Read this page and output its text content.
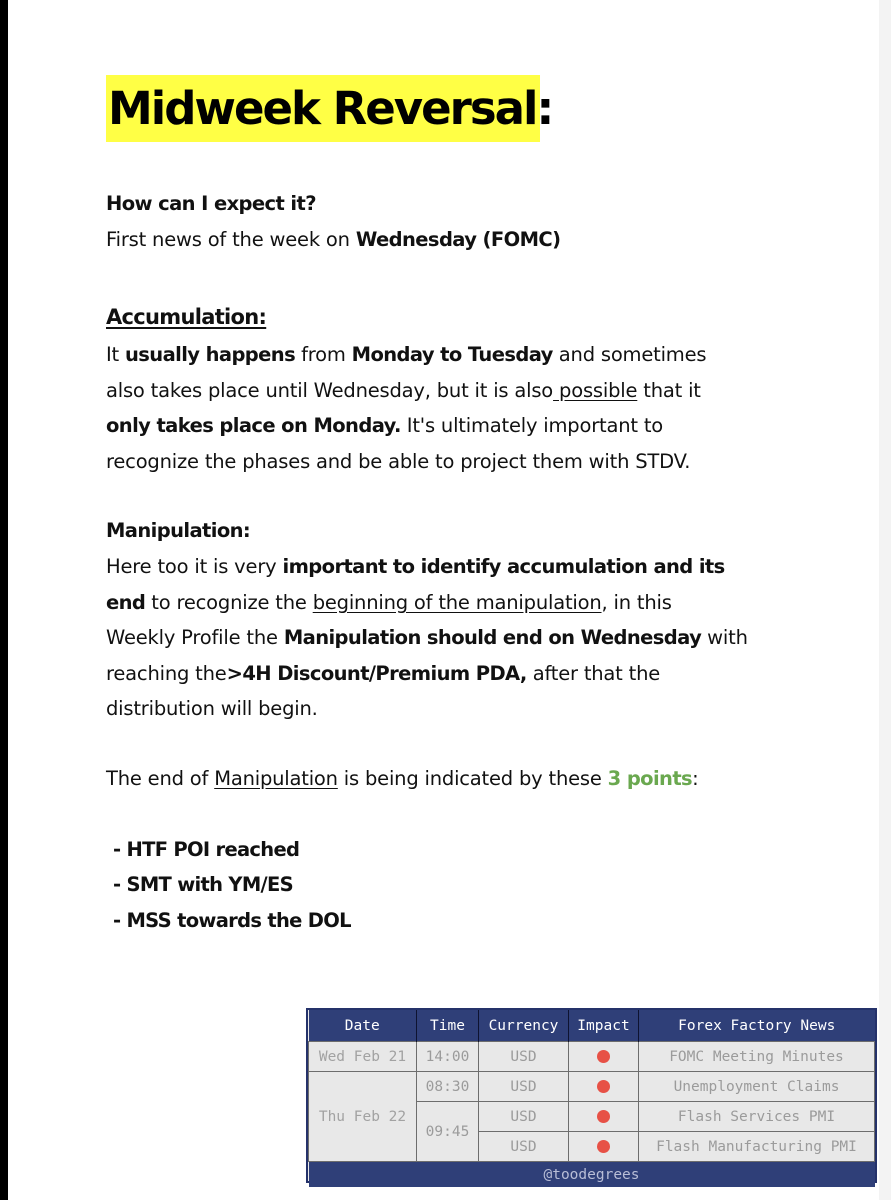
Midweek Reversal:
How can I expect it?
First news of the week on Wednesday (FOMC)
Accumulation:
It usually happens from Monday to Tuesday and sometimes
also takes place until Wednesday, but it is also possible that it
only takes place on Monday. It's ultimately important to
recognize the phases and be able to project them with STDV.
Manipulation:
Here too it is very important to identify accumulation and its
end to recognize the beginning of the manipulation, in this
Weekly Profile the Manipulation should end on Wednesday with
reaching the>4H Discount/Premium PDA, after that the
distribution will begin.
The end of Manipulation is being indicated by these 3 points:
- HTF POI reached
- SMT with YM/ES
- MSS towards the DOL
Date	Time	Currency	Impact	Forex Factory News
Wed Feb 21	14:00	USD		FOMC Meeting Minutes
Thu Feb 22	08:30	USD		Unemployment Claims
	09:45	USD		Flash Services PMI
		USD		Flash Manufacturing PMI
@toodegrees				
